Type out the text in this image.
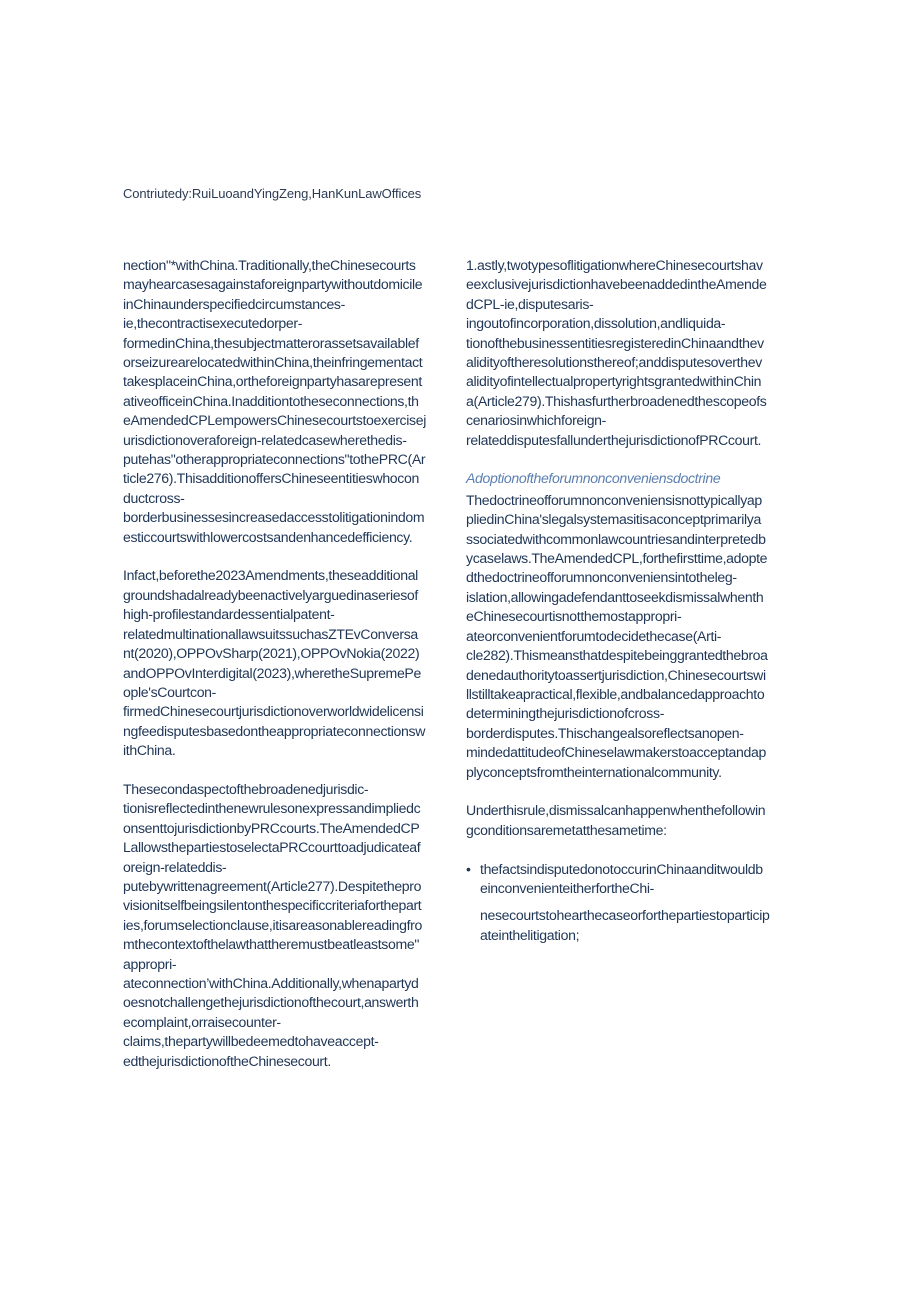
Contriutedy:RuiLuoandYingZeng,HanKunLawOffices
nection"*withChina.Traditionally,theChinesecourts
mayhearcasesagainstaforeignpartywithoutdomicile
inChinaunderspecifiedcircumstances-
ie,thecontractisexecutedorper-
formedinChina,thesubjectmatterorassetsavailablef
orseizurearelocatedwithinChina,theinfringementact
takesplaceinChina,ortheforeignpartyhasarepresent
ativeofficeinChina.Inadditiontotheseconnections,th
eAmendedCPLempowersChinesecourtstoexercisej
urisdictionoveraforeign-relatedcasewherethedis-
putehas"otherappropriateconnections"tothePRC(Ar
ticle276).ThisadditionoffersChineseentitieswhocon
ductcross-
borderbusinessesincreasedaccesstolitigationindom
esticcourtswithlowercostsandenhancedefficiency.
Infact,beforethe2023Amendments,theseadditional
groundshadalreadybeenactivelyarguedinaseriesof
high-profilestandardessentialpatent-
relatedmultinationallawsuitssuchasZTEvConversa
nt(2020),OPPOvSharp(2021),OPPOvNokia(2022)
andOPPOvInterdigital(2023),wheretheSupremePe
ople'sCourtcon-
firmedChinesecourtjurisdictionoverworldwidelicensi
ngfeedisputesbasedontheappropriateconnectionsw
ithChina.
Thesecondaspectofthebroadenedjurisdic-
tionisreflectedinthenewrulesonexpressandimpliedc
onsenttojurisdictionbyPRCcourts.TheAmendedCP
LallowsthepartiestoselectaPRCcourttoadjudicateaf
oreign-relateddis-
putebywrittenagreement(Article277).Despitethepro
visionitselfbeingsilentonthespecificcriteriaforthepart
ies,forumselectionclause,itisareasonablereadingfro
mthecontextofthelawthattheremustbeatleastsome"
appropri-
ateconnection’withChina.Additionally,whenapartyd
oesnotchallengethejurisdictionofthecourt,answerth
ecomplaint,orraisecounter-
claims,thepartywillbedeemedtohaveaccept-
edthejurisdictionoftheChinesecourt.
1.astly,twotypesoflitigationwhereChinesecourtshav
eexclusivejurisdictionhavebeenaddedintheAmende
dCPL-ie,disputesaris-
ingoutofincorporation,dissolution,andliquida-
tionofthebusinessentitiesregisteredinChinaandthev
alidityoftheresolutionsthereof;anddisputesoverthev
alidityofintellectualpropertyrightsgrantedwithinChin
a(Article279).Thishasfurtherbroadenedthescopeofs
cenariosinwhichforeign-
relateddisputesfallunderthejurisdictionofPRCcourt.
Adoptionoftheforumnonconveniensdoctrine
Thedoctrineofforumnonconveniensisnottypicallyap
pliedinChina'slegalsystemasitisaconceptprimarilya
ssociatedwithcommonlawcountriesandinterpretedb
ycaselaws.TheAmendedCPL,forthefirsttime,adopte
dthedoctrineofforumnonconveniensintotheleg-
islation,allowingadefendanttoseekdismissalwhenth
eChinesecourtisnotthemostappropri-
ateorconvenientforumtodecidethecase(Arti-
cle282).Thismeansthatdespitebeinggrantedthebroa
denedauthoritytoassertjurisdiction,Chinesecourtswi
llstilltakeapractical,flexible,andbalancedapproachto
determiningthejurisdictionofcross-
borderdisputes.Thischangealsoreflectsanopen-
mindedattitudeofChineselawmakerstoacceptandap
plyconceptsfromtheinternationalcommunity.
Underthisrule,dismissalcanhappenwhenthefollowin
gconditionsaremetatthesametime:
• thefactsindisputedonotoccurinChinaanditwouldb
einconvenienteitherfortheChi-
nesecourtstohearthecaseorforthepartiestoparticip
ateinthelitigation;
